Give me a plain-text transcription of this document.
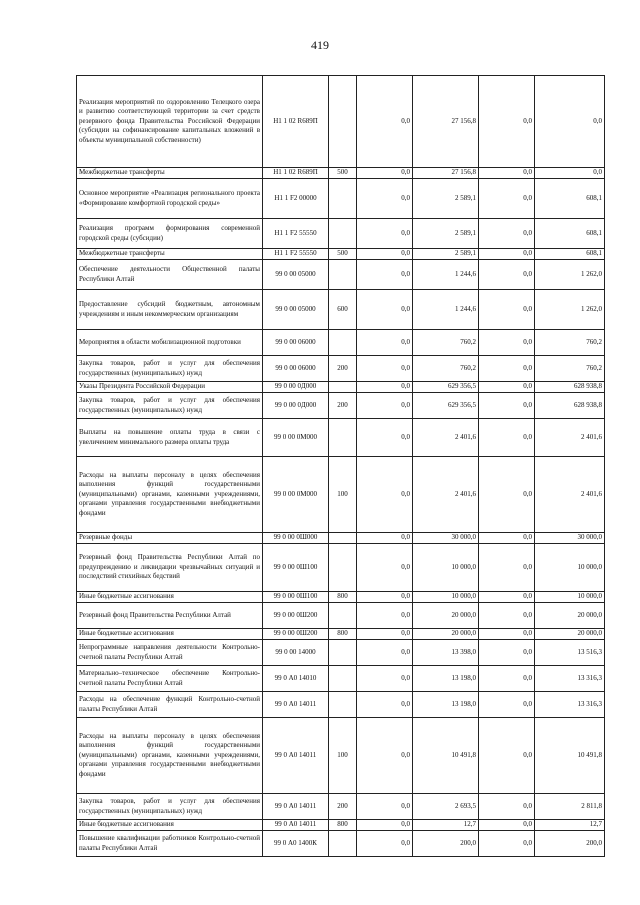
419
Реализация мероприятий по оздоровлению Телецкого озера и развитию соответствующей территории за счет средств резервного фонда Правительства Российской Федерации (субсидии на софинансирование капитальных вложений в объекты муниципальной собственности)	Н1 1 02 R689П		0,0	27 156,8	0,0	0,0
Межбюджетные трансферты	Н1 1 02 R689П	500	0,0	27 156,8	0,0	0,0
Основное мероприятие «Реализация регионального проекта «Формирование комфортной городской среды»	Н1 1 F2 00000		0,0	2 589,1	0,0	608,1
Реализация программ формирования современной городской среды (субсидии)	Н1 1 F2 55550		0,0	2 589,1	0,0	608,1
Межбюджетные трансферты	Н1 1 F2 55550	500	0,0	2 589,1	0,0	608,1
Обеспечение деятельности Общественной палаты Республики Алтай	99 0 00 05000		0,0	1 244,6	0,0	1 262,0
Предоставление субсидий бюджетным, автономным учреждениям и иным некоммерческим организациям	99 0 00 05000	600	0,0	1 244,6	0,0	1 262,0
Мероприятия в области мобилизационной подготовки	99 0 00 06000		0,0	760,2	0,0	760,2
Закупка товаров, работ и услуг для обеспечения государственных (муниципальных) нужд	99 0 00 06000	200	0,0	760,2	0,0	760,2
Указы Президента Российской Федерации	99 0 00 0Д000		0,0	629 356,5	0,0	628 938,8
Закупка товаров, работ и услуг для обеспечения государственных (муниципальных) нужд	99 0 00 0Д000	200	0,0	629 356,5	0,0	628 938,8
Выплаты на повышение оплаты труда в связи с увеличением минимального размера оплаты труда	99 0 00 0М000		0,0	2 401,6	0,0	2 401,6
Расходы на выплаты персоналу в целях обеспечения выполнения функций государственными (муниципальными) органами, казенными учреждениями, органами управления государственными внебюджетными фондами	99 0 00 0М000	100	0,0	2 401,6	0,0	2 401,6
Резервные фонды	99 0 00 0Ш000		0,0	30 000,0	0,0	30 000,0
Резервный фонд Правительства Республики Алтай по предупреждению и ликвидации чрезвычайных ситуаций и последствий стихийных бедствий	99 0 00 0Ш100		0,0	10 000,0	0,0	10 000,0
Иные бюджетные ассигнования	99 0 00 0Ш100	800	0,0	10 000,0	0,0	10 000,0
Резервный фонд Правительства Республики Алтай	99 0 00 0Ш200		0,0	20 000,0	0,0	20 000,0
Иные бюджетные ассигнования	99 0 00 0Ш200	800	0,0	20 000,0	0,0	20 000,0
Непрограммные направления деятельности Контрольно-счетной палаты Республики Алтай	99 0 00 14000		0,0	13 398,0	0,0	13 516,3
Материально–техническое обеспечение Контрольно-счетной палаты Республики Алтай	99 0 А0 14010		0,0	13 198,0	0,0	13 316,3
Расходы на обеспечение функций Контрольно-счетной палаты Республики Алтай	99 0 А0 14011		0,0	13 198,0	0,0	13 316,3
Расходы на выплаты персоналу в целях обеспечения выполнения функций государственными (муниципальными) органами, казенными учреждениями, органами управления государственными внебюджетными фондами	99 0 А0 14011	100	0,0	10 491,8	0,0	10 491,8
Закупка товаров, работ и услуг для обеспечения государственных (муниципальных) нужд	99 0 А0 14011	200	0,0	2 693,5	0,0	2 811,8
Иные бюджетные ассигнования	99 0 А0 14011	800	0,0	12,7	0,0	12,7
Повышение квалификации работников Контрольно-счетной палаты Республики Алтай	99 0 А0 1400К		0,0	200,0	0,0	200,0
